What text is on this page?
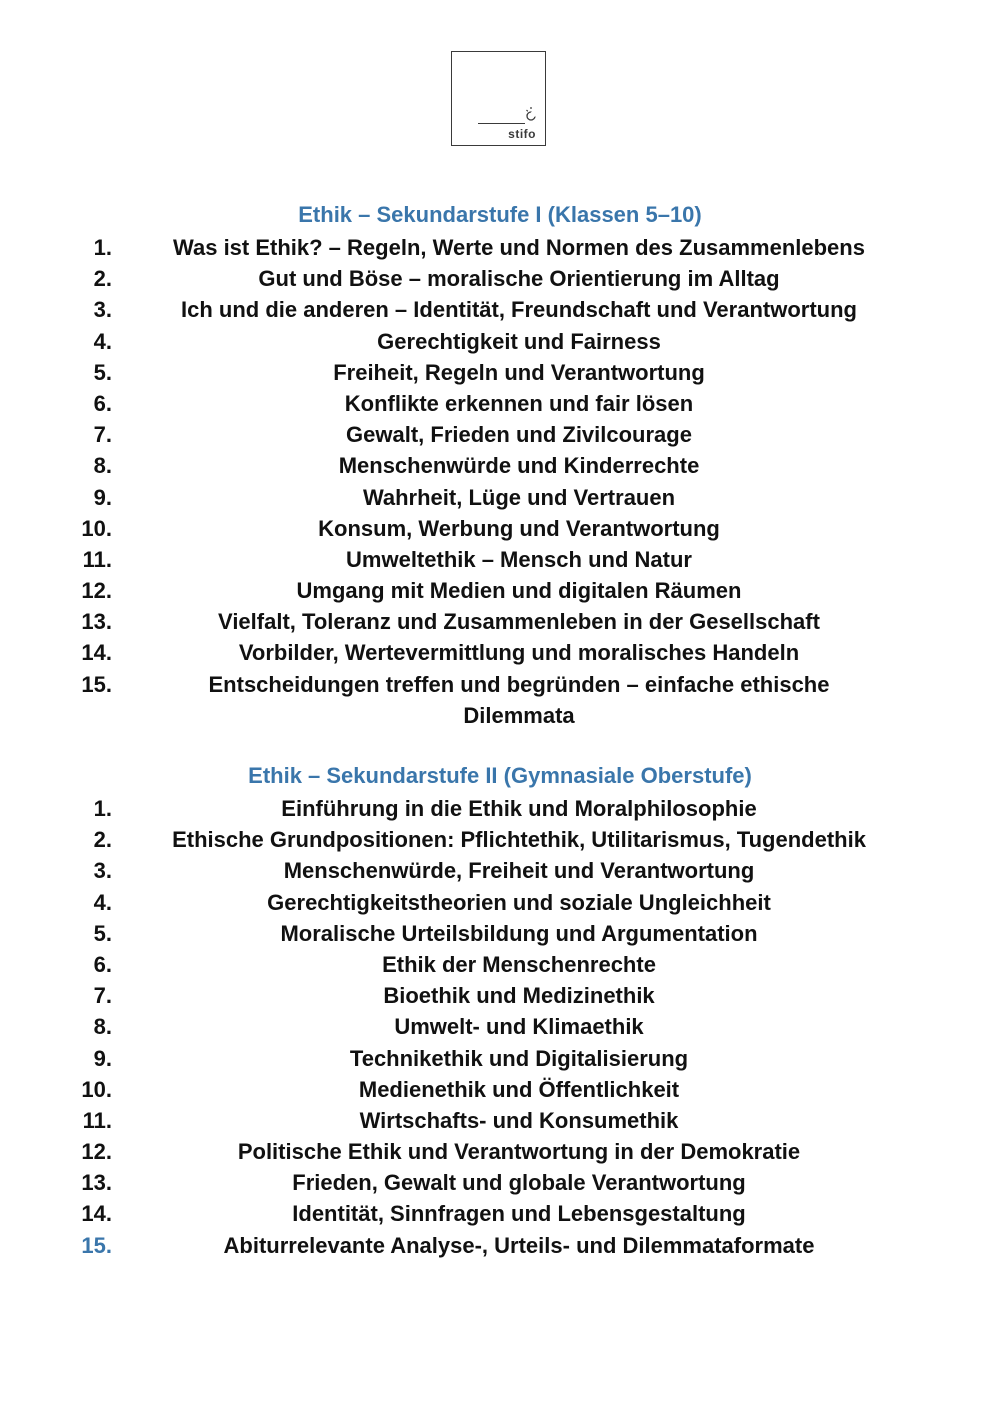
stifo
Ethik – Sekundarstufe I (Klassen 5–10)
1.	Was ist Ethik? – Regeln, Werte und Normen des Zusammenlebens
2.	Gut und Böse – moralische Orientierung im Alltag
3.	Ich und die anderen – Identität, Freundschaft und Verantwortung
4.	Gerechtigkeit und Fairness
5.	Freiheit, Regeln und Verantwortung
6.	Konflikte erkennen und fair lösen
7.	Gewalt, Frieden und Zivilcourage
8.	Menschenwürde und Kinderrechte
9.	Wahrheit, Lüge und Vertrauen
10.	Konsum, Werbung und Verantwortung
11.	Umweltethik – Mensch und Natur
12.	Umgang mit Medien und digitalen Räumen
13.	Vielfalt, Toleranz und Zusammenleben in der Gesellschaft
14.	Vorbilder, Wertevermittlung und moralisches Handeln
15.	Entscheidungen treffen und begründen – einfache ethische Dilemmata
Ethik – Sekundarstufe II (Gymnasiale Oberstufe)
1.	Einführung in die Ethik und Moralphilosophie
2.	Ethische Grundpositionen: Pflichtethik, Utilitarismus, Tugendethik
3.	Menschenwürde, Freiheit und Verantwortung
4.	Gerechtigkeitstheorien und soziale Ungleichheit
5.	Moralische Urteilsbildung und Argumentation
6.	Ethik der Menschenrechte
7.	Bioethik und Medizinethik
8.	Umwelt- und Klimaethik
9.	Technikethik und Digitalisierung
10.	Medienethik und Öffentlichkeit
11.	Wirtschafts- und Konsumethik
12.	Politische Ethik und Verantwortung in der Demokratie
13.	Frieden, Gewalt und globale Verantwortung
14.	Identität, Sinnfragen und Lebensgestaltung
15.	Abiturrelevante Analyse-, Urteils- und Dilemmataformate
